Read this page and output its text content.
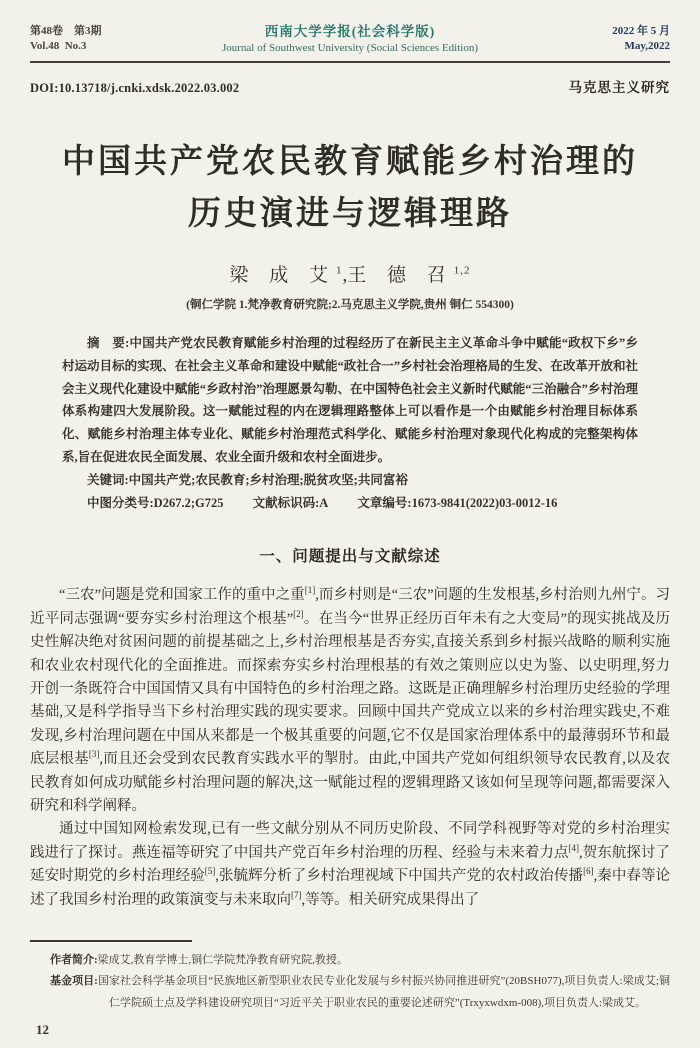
第48卷　第3期
Vol.48  No.3
西南大学学报(社会科学版)
Journal of Southwest University (Social Sciences Edition)
2022 年 5 月
May,2022
DOI:10.13718/j.cnki.xdsk.2022.03.002	马克思主义研究
中国共产党农民教育赋能乡村治理的
历史演进与逻辑理路
梁 成 艾$^1$,王 德 召$^{1,2}$
(铜仁学院 1.梵净教育研究院;2.马克思主义学院,贵州 铜仁 554300)

摘　要:中国共产党农民教育赋能乡村治理的过程经历了在新民主主义革命斗争中赋能“政权下乡”乡村运动目标的实现、在社会主义革命和建设中赋能“政社合一”乡村社会治理格局的生发、在改革开放和社会主义现代化建设中赋能“乡政村治”治理愿景勾勒、在中国特色社会主义新时代赋能“三治融合”乡村治理体系构建四大发展阶段。这一赋能过程的内在逻辑理路整体上可以看作是一个由赋能乡村治理目标体系化、赋能乡村治理主体专业化、赋能乡村治理范式科学化、赋能乡村治理对象现代化构成的完整架构体系,旨在促进农民全面发展、农业全面升级和农村全面进步。

关键词:中国共产党;农民教育;乡村治理;脱贫攻坚;共同富裕

中图分类号:D267.2;G725 文献标识码:A 文章编号:1673-9841(2022)03-0012-16

一、问题提出与文献综述

“三农”问题是党和国家工作的重中之重[1],而乡村则是“三农”问题的生发根基,乡村治则九州宁。习近平同志强调“要夯实乡村治理这个根基”[2]。在当今“世界正经历百年未有之大变局”的现实挑战及历史性解决绝对贫困问题的前提基础之上,乡村治理根基是否夯实,直接关系到乡村振兴战略的顺利实施和农业农村现代化的全面推进。而探索夯实乡村治理根基的有效之策则应以史为鉴、以史明理,努力开创一条既符合中国国情又具有中国特色的乡村治理之路。这既是正确理解乡村治理历史经验的学理基础,又是科学指导当下乡村治理实践的现实要求。回顾中国共产党成立以来的乡村治理实践史,不难发现,乡村治理问题在中国从来都是一个极其重要的问题,它不仅是国家治理体系中的最薄弱环节和最底层根基[3],而且还会受到农民教育实践水平的掣肘。由此,中国共产党如何组织领导农民教育,以及农民教育如何成功赋能乡村治理问题的解决,这一赋能过程的逻辑理路又该如何呈现等问题,都需要深入研究和科学阐释。

通过中国知网检索发现,已有一些文献分别从不同历史阶段、不同学科视野等对党的乡村治理实践进行了探讨。燕连福等研究了中国共产党百年乡村治理的历程、经验与未来着力点[4],贺东航探讨了延安时期党的乡村治理经验[5],张毓辉分析了乡村治理视域下中国共产党的农村政治传播[6],秦中春等论述了我国乡村治理的政策演变与未来取向[7],等等。相关研究成果得出了

作者简介:梁成艾,教育学博士,铜仁学院梵净教育研究院,教授。
基金项目:国家社会科学基金项目“民族地区新型职业农民专业化发展与乡村振兴协同推进研究”(20BSH077),项目负责人:梁成艾;铜仁学院硕士点及学科建设研究项目“习近平关于职业农民的重要论述研究”(Trxyxwdxm-008),项目负责人:梁成艾。
12
